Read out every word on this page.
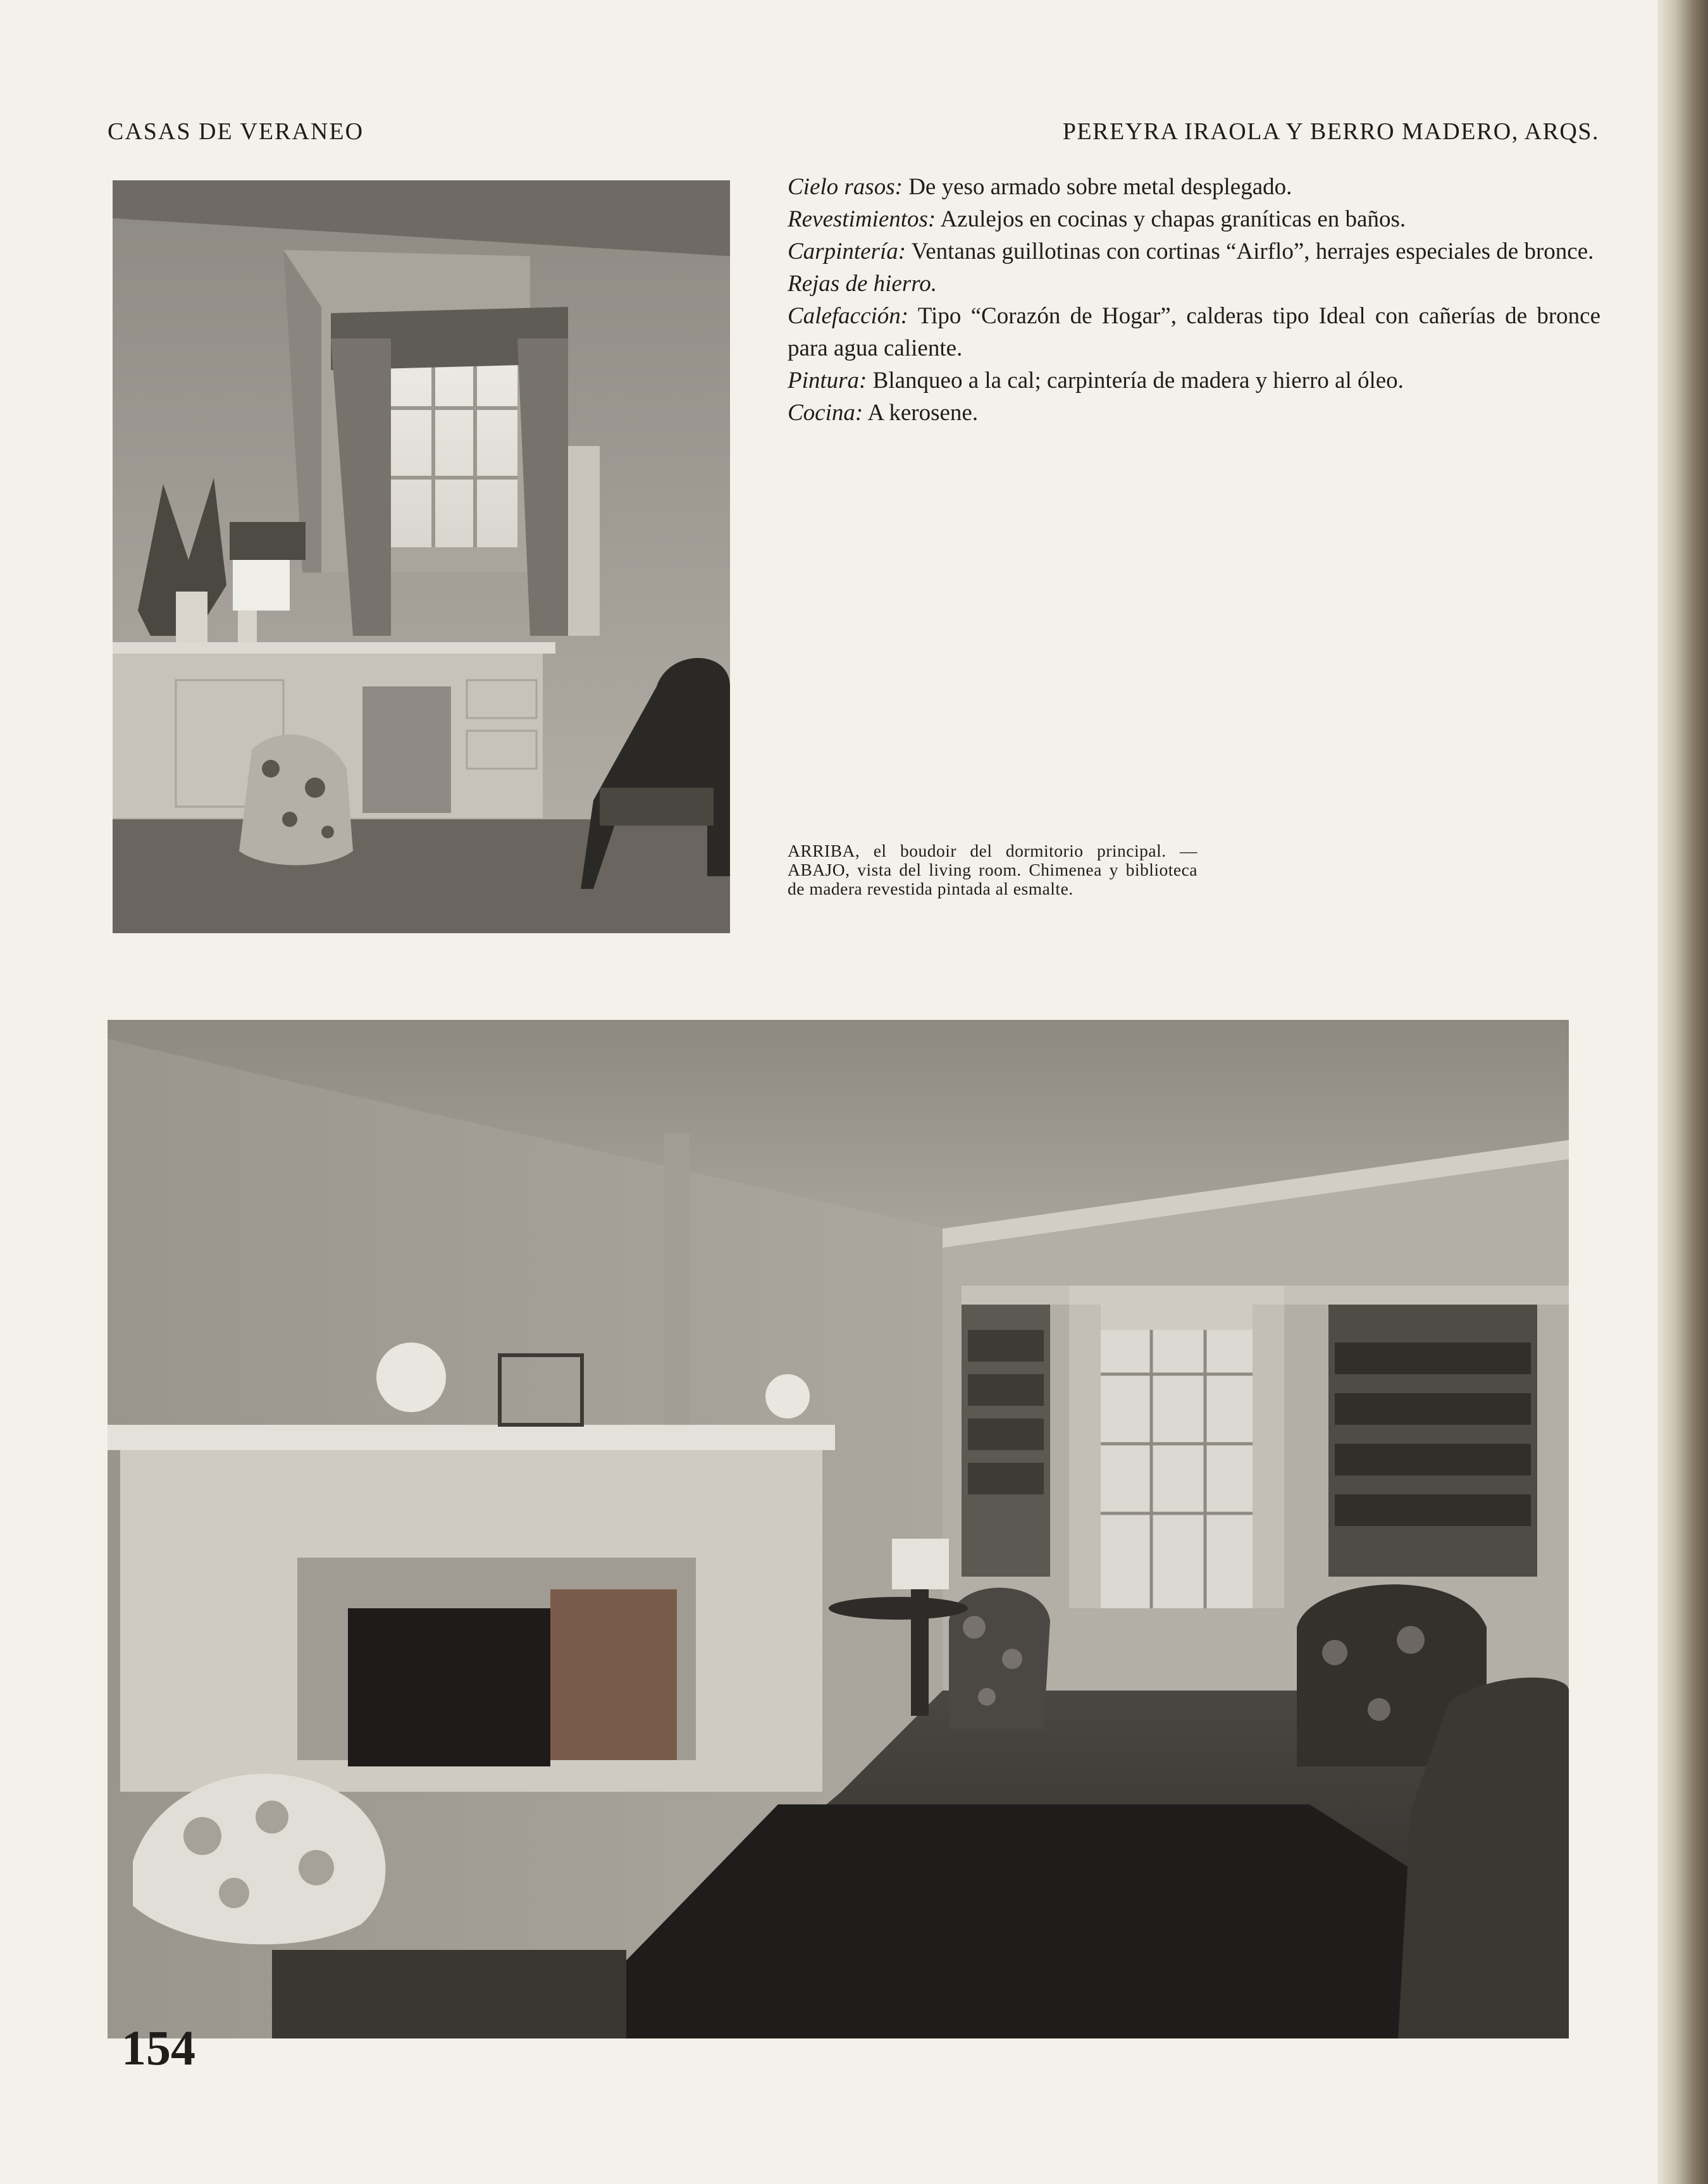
CASAS DE VERANEO	PEREYRA IRAOLA Y BERRO MADERO, ARQS.

Cielo rasos: De yeso armado sobre metal desplegado.

Revestimientos: Azulejos en cocinas y chapas graníticas en baños.

Carpintería: Ventanas guillotinas con cortinas “Airflo”, herrajes especiales de bronce.

Rejas de hierro.

Calefacción: Tipo “Corazón de Hogar”, calderas tipo Ideal con cañerías de bronce para agua caliente.

Pintura: Blanqueo a la cal; carpintería de madera y hierro al óleo.

Cocina: A kerosene.

ARRIBA, el boudoir del dormitorio principal. — ABAJO, vista del living room. Chimenea y biblioteca de madera revestida pintada al esmalte.
154
